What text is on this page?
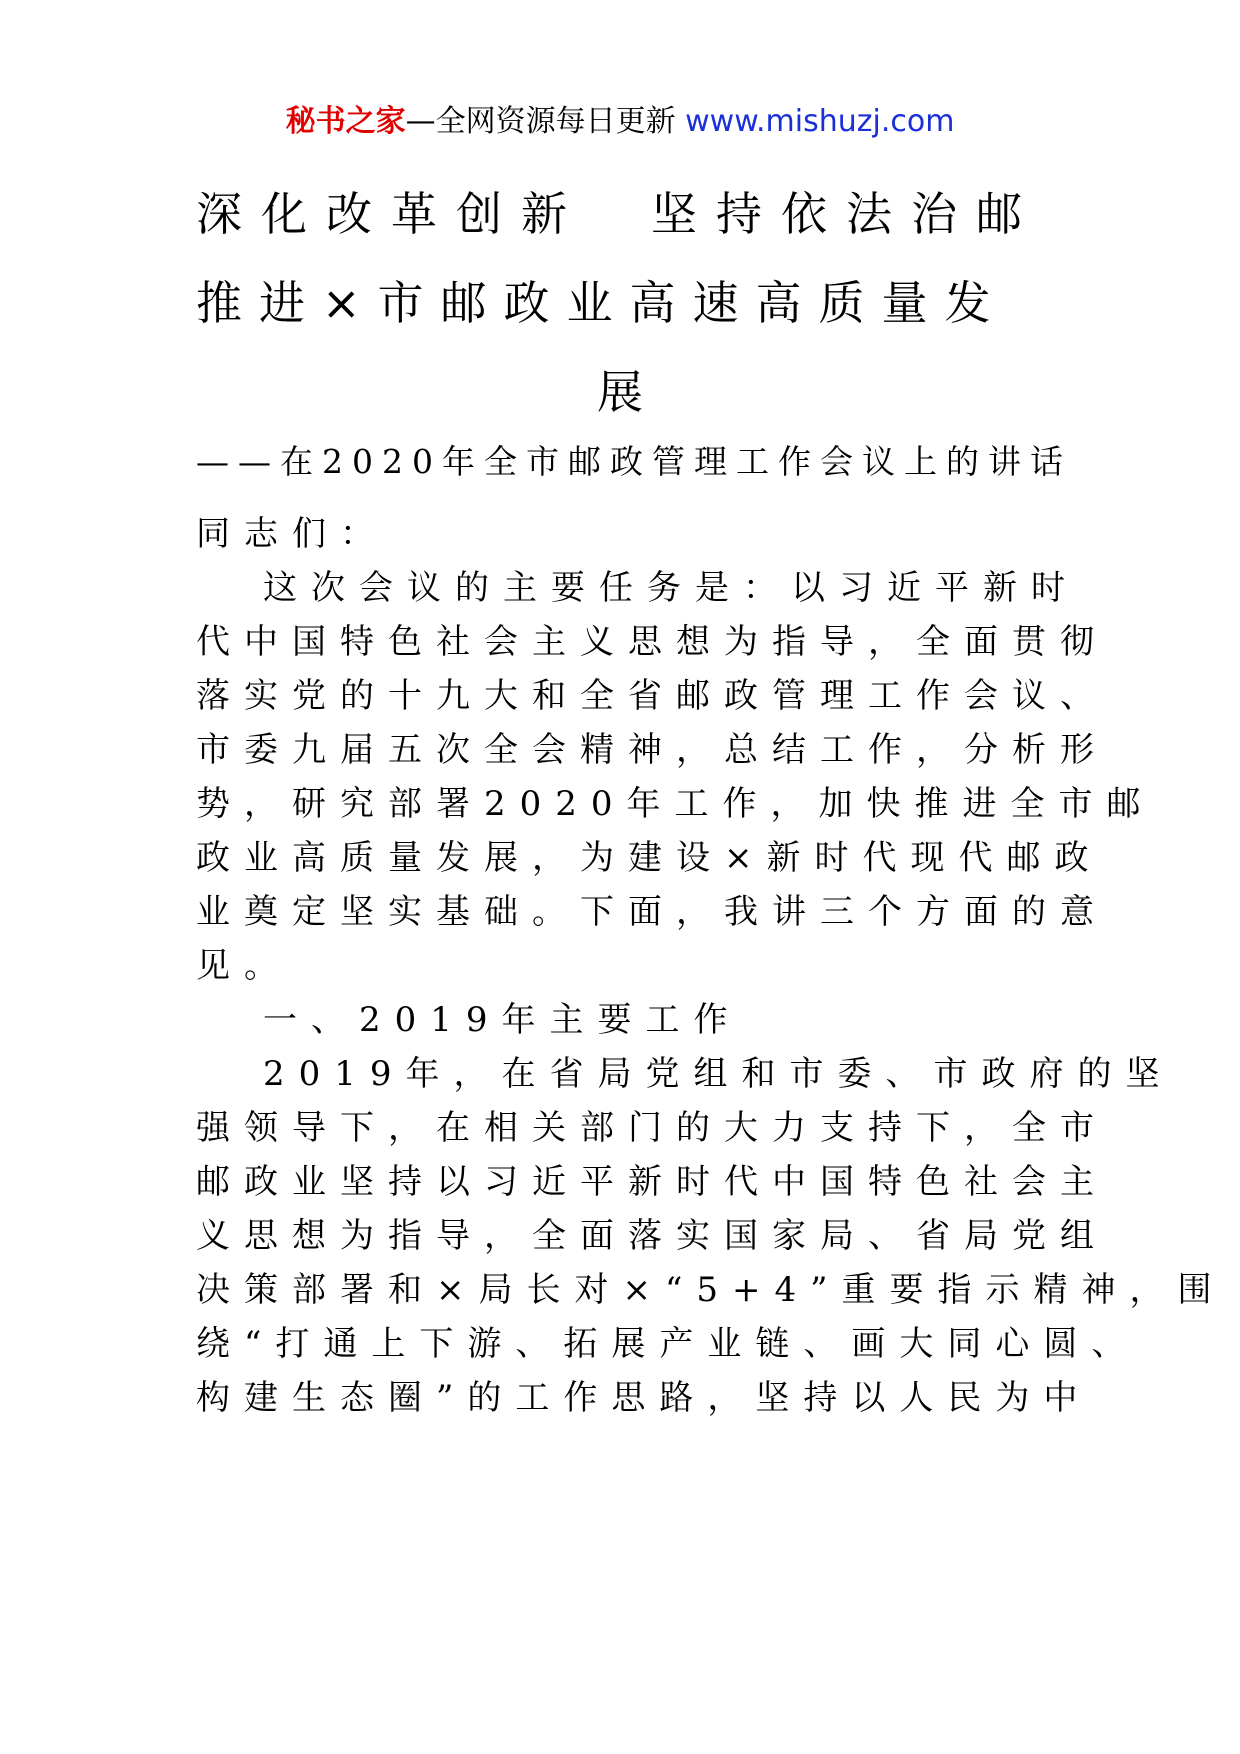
秘书之家—全网资源每日更新 www.mishuzj.com
深化改革创新　坚持依法治邮
推进×市邮政业高速高质量发
展
——在2020年全市邮政管理工作会议上的讲话
同志们：
这次会议的主要任务是：以习近平新时
代中国特色社会主义思想为指导，全面贯彻
落实党的十九大和全省邮政管理工作会议、
市委九届五次全会精神，总结工作，分析形
势，研究部署2020年工作，加快推进全市邮
政业高质量发展，为建设×新时代现代邮政
业奠定坚实基础。下面，我讲三个方面的意
见。
一、2019年主要工作
2019年，在省局党组和市委、市政府的坚
强领导下，在相关部门的大力支持下，全市
邮政业坚持以习近平新时代中国特色社会主
义思想为指导，全面落实国家局、省局党组
决策部署和×局长对×“5+4”重要指示精神，围
绕“打通上下游、拓展产业链、画大同心圆、
构建生态圈”的工作思路，坚持以人民为中
